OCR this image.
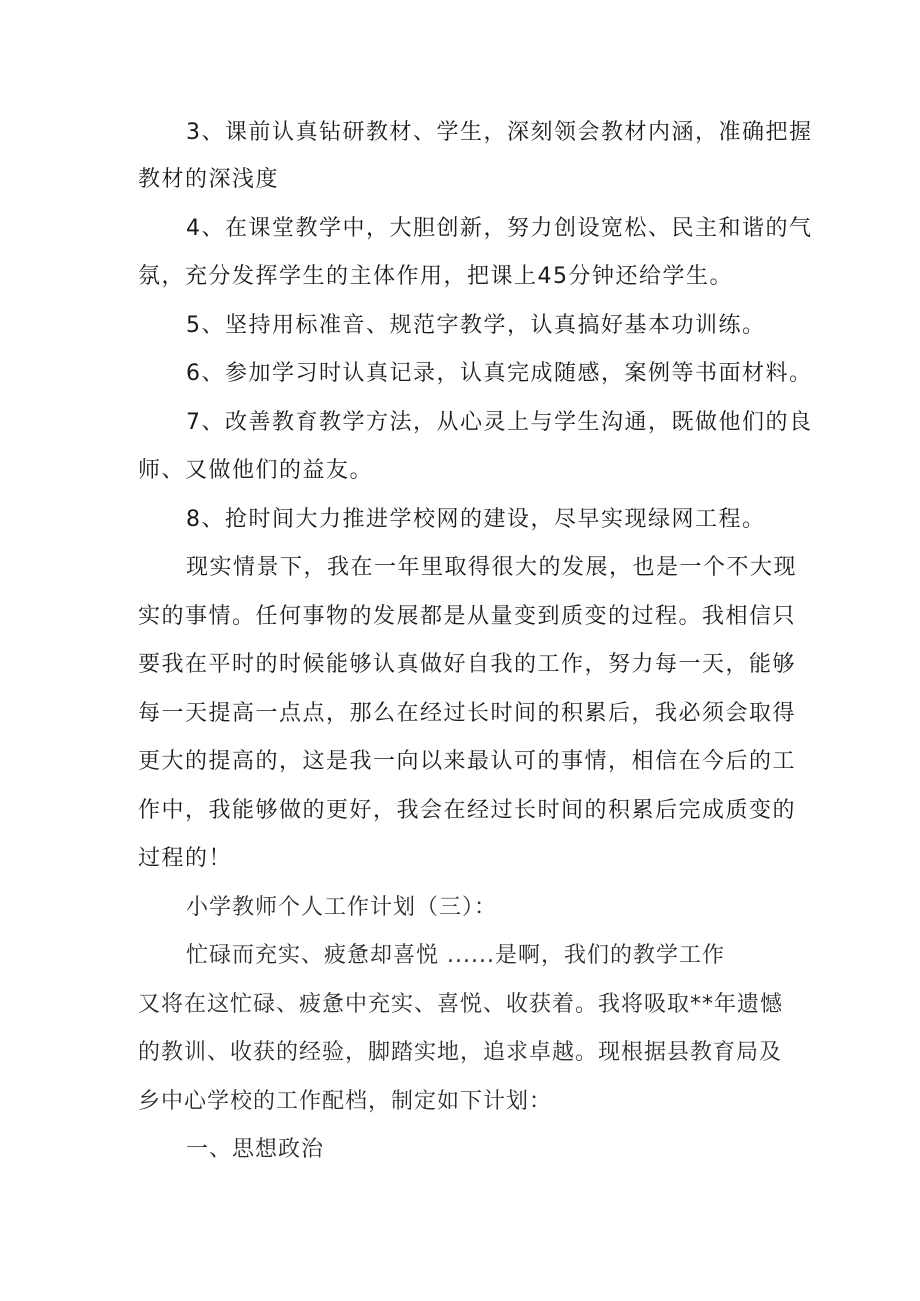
3、课前认真钻研教材、学生，深刻领会教材内涵，准确把握
教材的深浅度
4、在课堂教学中，大胆创新，努力创设宽松、民主和谐的气
氛，充分发挥学生的主体作用，把课上45分钟还给学生。
5、坚持用标准音、规范字教学，认真搞好基本功训练。
6、参加学习时认真记录，认真完成随感，案例等书面材料。
7、改善教育教学方法，从心灵上与学生沟通，既做他们的良
师、又做他们的益友。
8、抢时间大力推进学校网的建设，尽早实现绿网工程。
现实情景下，我在一年里取得很大的发展，也是一个不大现
实的事情。任何事物的发展都是从量变到质变的过程。我相信只
要我在平时的时候能够认真做好自我的工作，努力每一天，能够
每一天提高一点点，那么在经过长时间的积累后，我必须会取得
更大的提高的，这是我一向以来最认可的事情，相信在今后的工
作中，我能够做的更好，我会在经过长时间的积累后完成质变的
过程的！
小学教师个人工作计划（三）：
忙碌而充实、疲惫却喜悦 ......是啊，我们的教学工作
又将在这忙碌、疲惫中充实、喜悦、收获着。我将吸取**年遗憾
的教训、收获的经验，脚踏实地，追求卓越。现根据县教育局及
乡中心学校的工作配档，制定如下计划：
一、思想政治
